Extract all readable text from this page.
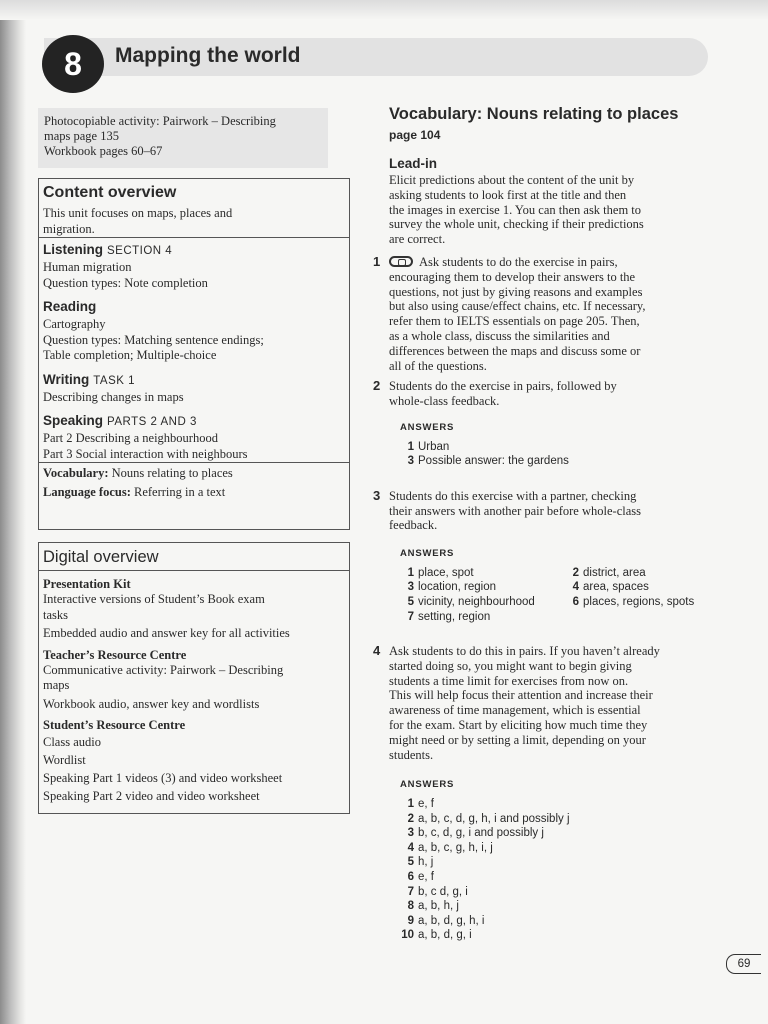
8	Mapping the world
Photocopiable activity: Pairwork – Describing
maps page 135
Workbook pages 60–67
Content overview
This unit focuses on maps, places and
migration.
Listening SECTION 4
Human migration
Question types: Note completion
Reading
Cartography
Question types: Matching sentence endings;
Table completion; Multiple-choice
Writing TASK 1
Describing changes in maps
Speaking PARTS 2 AND 3
Part 2 Describing a neighbourhood
Part 3 Social interaction with neighbours
Vocabulary: Nouns relating to places
Language focus: Referring in a text
Digital overview
Presentation Kit
Interactive versions of Student’s Book exam
tasks
Embedded audio and answer key for all activities
Teacher’s Resource Centre
Communicative activity: Pairwork – Describing
maps
Workbook audio, answer key and wordlists
Student’s Resource Centre
Class audio
Wordlist
Speaking Part 1 videos (3) and video worksheet
Speaking Part 2 video and video worksheet
Vocabulary: Nouns relating to places
page 104
Lead-in
Elicit predictions about the content of the unit by
asking students to look first at the title and then
the images in exercise 1. You can then ask them to
survey the whole unit, checking if their predictions
are correct.
1	Ask students to do the exercise in pairs,
encouraging them to develop their answers to the
questions, not just by giving reasons and examples
but also using cause/effect chains, etc. If necessary,
refer them to IELTS essentials on page 205. Then,
as a whole class, discuss the similarities and
differences between the maps and discuss some or
all of the questions.
2 Students do the exercise in pairs, followed by
whole-class feedback.
ANSWERS
1 Urban
3 Possible answer: the gardens
3 Students do this exercise with a partner, checking
their answers with another pair before whole-class
feedback.
ANSWERS
1 place, spot	2 district, area
3 location, region	4 area, spaces
5 vicinity, neighbourhood	6 places, regions, spots
7 setting, region
4 Ask students to do this in pairs. If you haven’t already
started doing so, you might want to begin giving
students a time limit for exercises from now on.
This will help focus their attention and increase their
awareness of time management, which is essential
for the exam. Start by eliciting how much time they
might need or by setting a limit, depending on your
students.
ANSWERS
1 e, f
2 a, b, c, d, g, h, i and possibly j
3 b, c, d, g, i and possibly j
4 a, b, c, g, h, i, j
5 h, j
6 e, f
7 b, c d, g, i
8 a, b, h, j
9 a, b, d, g, h, i
10 a, b, d, g, i
69
